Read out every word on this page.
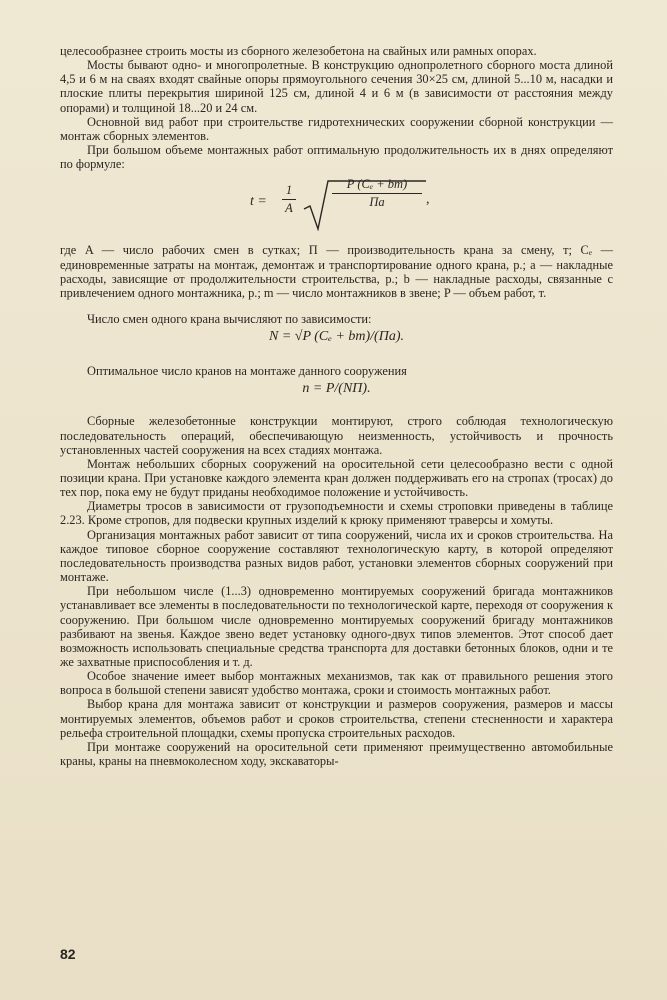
целесообразнее строить мосты из сборного железобетона на свайных или рамных опорах.

Мосты бывают одно- и многопролетные. В конструкцию однопролетного сборного моста длиной 4,5 и 6 м на сваях входят свайные опоры прямоугольного сечения 30×25 см, длиной 5...10 м, насадки и плоские плиты перекрытия шириной 125 см, длиной 4 и 6 м (в зависимости от расстояния между опорами) и толщиной 18...20 и 24 см.

Основной вид работ при строительстве гидротехнических сооружении сборной конструкции — монтаж сборных элементов.

При большом объеме монтажных работ оптимальную продолжительность их в днях определяют по формуле:

$t = \frac{1}{A}$	P (Cₑ + bm)
Пa	,

где A — число рабочих смен в сутках; П — производительность крана за смену, т; Cₑ — единовременные затраты на монтаж, демонтаж и транспортирование одного крана, р.; a — накладные расходы, зависящие от продолжительности строительства, р.; b — накладные расходы, связанные с привлечением одного монтажника, р.; m — число монтажников в звене; P — объем работ, т.

Число смен одного крана вычисляют по зависимости:

N = √P (Cₑ + bm)/(Пa).

Оптимальное число кранов на монтаже данного сооружения

n = P/(NП).

Сборные железобетонные конструкции монтируют, строго соблюдая технологическую последовательность операций, обеспечивающую неизменность, устойчивость и прочность установленных частей сооружения на всех стадиях монтажа.

Монтаж небольших сборных сооружений на оросительной сети целесообразно вести с одной позиции крана. При установке каждого элемента кран должен поддерживать его на стропах (тросах) до тех пор, пока ему не будут приданы необходимое положение и устойчивость.

Диаметры тросов в зависимости от грузоподъемности и схемы строповки приведены в таблице 2.23. Кроме стропов, для подвески крупных изделий к крюку применяют траверсы и хомуты.

Организация монтажных работ зависит от типа сооружений, числа их и сроков строительства. На каждое типовое сборное сооружение составляют технологическую карту, в которой определяют последовательность производства разных видов работ, установки элементов сборных сооружений при монтаже.

При небольшом числе (1...3) одновременно монтируемых сооружений бригада монтажников устанавливает все элементы в последовательности по технологической карте, переходя от сооружения к сооружению. При большом числе одновременно монтируемых сооружений бригаду монтажников разбивают на звенья. Каждое звено ведет установку одного-двух типов элементов. Этот способ дает возможность использовать специальные средства транспорта для доставки бетонных блоков, одни и те же захватные приспособления и т. д.

Особое значение имеет выбор монтажных механизмов, так как от правильного решения этого вопроса в большой степени зависят удобство монтажа, сроки и стоимость монтажных работ.

Выбор крана для монтажа зависит от конструкции и размеров сооружения, размеров и массы монтируемых элементов, объемов работ и сроков строительства, степени стесненности и характера рельефа строительной площадки, схемы пропуска строительных расходов.

При монтаже сооружений на оросительной сети применяют преимущественно автомобильные краны, краны на пневмоколесном ходу, экскаваторы-

82
